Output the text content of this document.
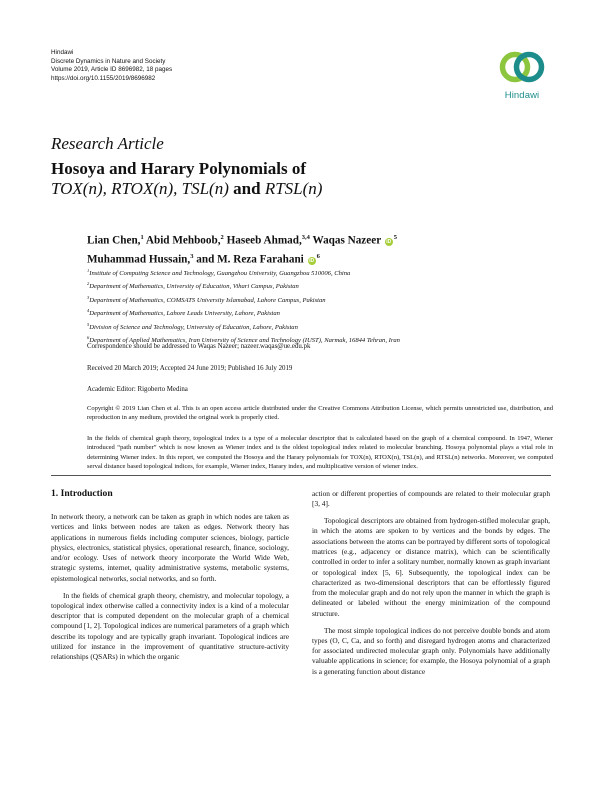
Hindawi
Discrete Dynamics in Nature and Society
Volume 2019, Article ID 8696982, 18 pages
https://doi.org/10.1155/2019/8696982
Hindawi
Research Article
Hosoya and Harary Polynomials of
TOX(n), RTOX(n), TSL(n) and RTSL(n)
Lian Chen,$^1$ Abid Mehboob,$^2$ Haseeb Ahmad,$^{3,4}$ Waqas Nazeer $iD^5$
Muhammad Hussain,$^3$ and M. Reza Farahani $iD^6$
$^1$Institute of Computing Science and Technology, Guangzhou University, Guangzhou 510006, China
$^2$Department of Mathematics, University of Education, Vihari Campus, Pakistan
$^3$Department of Mathematics, COMSATS University Islamabad, Lahore Campus, Pakistan
$^4$Department of Mathematics, Lahore Leads University, Lahore, Pakistan
$^5$Division of Science and Technology, University of Education, Lahore, Pakistan
$^6$Department of Applied Mathematics, Iran University of Science and Technology (IUST), Narmak, 16844 Tehran, Iran
Correspondence should be addressed to Waqas Nazeer; nazeer.waqas@ue.edu.pk
Received 20 March 2019; Accepted 24 June 2019; Published 16 July 2019
Academic Editor: Rigoberto Medina

Copyright © 2019 Lian Chen et al. This is an open access article distributed under the Creative Commons Attribution License, which permits unrestricted use, distribution, and reproduction in any medium, provided the original work is properly cited.

In the fields of chemical graph theory, topological index is a type of a molecular descriptor that is calculated based on the graph of a chemical compound. In 1947, Wiener introduced “path number” which is now known as Wiener index and is the oldest topological index related to molecular branching. Hosoya polynomial plays a vital role in determining Wiener index. In this report, we computed the Hosoya and the Harary polynomials for TOX(n), RTOX(n), TSL(n), and RTSL(n) networks. Moreover, we computed serval distance based topological indices, for example, Wiener index, Harary index, and multiplicative version of wiener index.

1. Introduction

In network theory, a network can be taken as graph in which nodes are taken as vertices and links between nodes are taken as edges. Network theory has applications in numerous fields including computer sciences, biology, particle physics, electronics, statistical physics, operational research, finance, sociology, and/or ecology. Uses of network theory incorporate the World Wide Web, strategic systems, internet, quality administrative systems, metabolic systems, epistemological networks, social networks, and so forth.

In the fields of chemical graph theory, chemistry, and molecular topology, a topological index otherwise called a connectivity index is a kind of a molecular descriptor that is computed dependent on the molecular graph of a chemical compound [1, 2]. Topological indices are numerical parameters of a graph which describe its topology and are typically graph invariant. Topological indices are utilized for instance in the improvement of quantitative structure-activity relationships (QSARs) in which the organic

action or different properties of compounds are related to their molecular graph [3, 4].

Topological descriptors are obtained from hydrogen-stifled molecular graph, in which the atoms are spoken to by vertices and the bonds by edges. The associations between the atoms can be portrayed by different sorts of topological matrices (e.g., adjacency or distance matrix), which can be scientifically controlled in order to infer a solitary number, normally known as graph invariant or topological index [5, 6]. Subsequently, the topological index can be characterized as two-dimensional descriptors that can be effortlessly figured from the molecular graph and do not rely upon the manner in which the graph is delineated or labeled without the energy minimization of the compound structure.

The most simple topological indices do not perceive double bonds and atom types (O, C, Ca, and so forth) and disregard hydrogen atoms and characterized for associated undirected molecular graph only. Polynomials have additionally valuable applications in science; for example, the Hosoya polynomial of a graph is a generating function about distance
